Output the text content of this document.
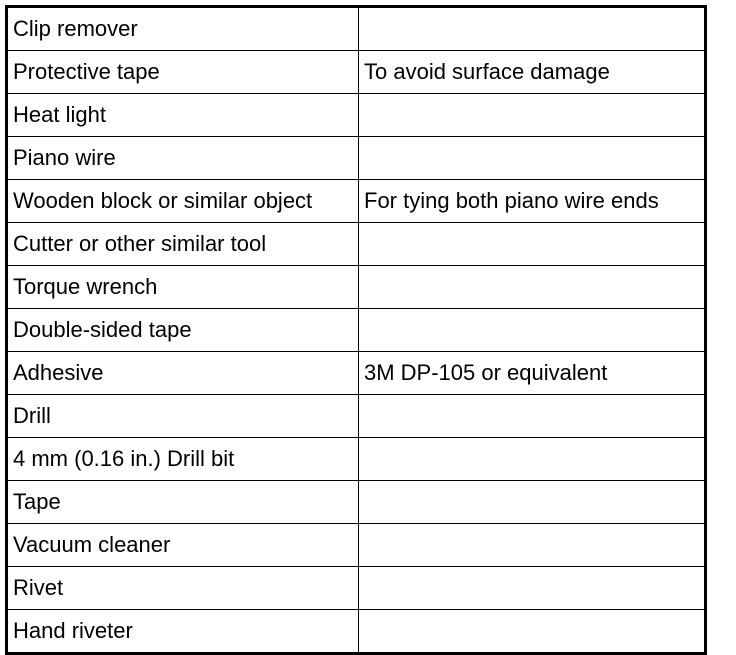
Clip remover	
Protective tape	To avoid surface damage
Heat light	
Piano wire	
Wooden block or similar object	For tying both piano wire ends
Cutter or other similar tool	
Torque wrench	
Double-sided tape	
Adhesive	3M DP-105 or equivalent
Drill	
4 mm (0.16 in.) Drill bit	
Tape	
Vacuum cleaner	
Rivet	
Hand riveter	
